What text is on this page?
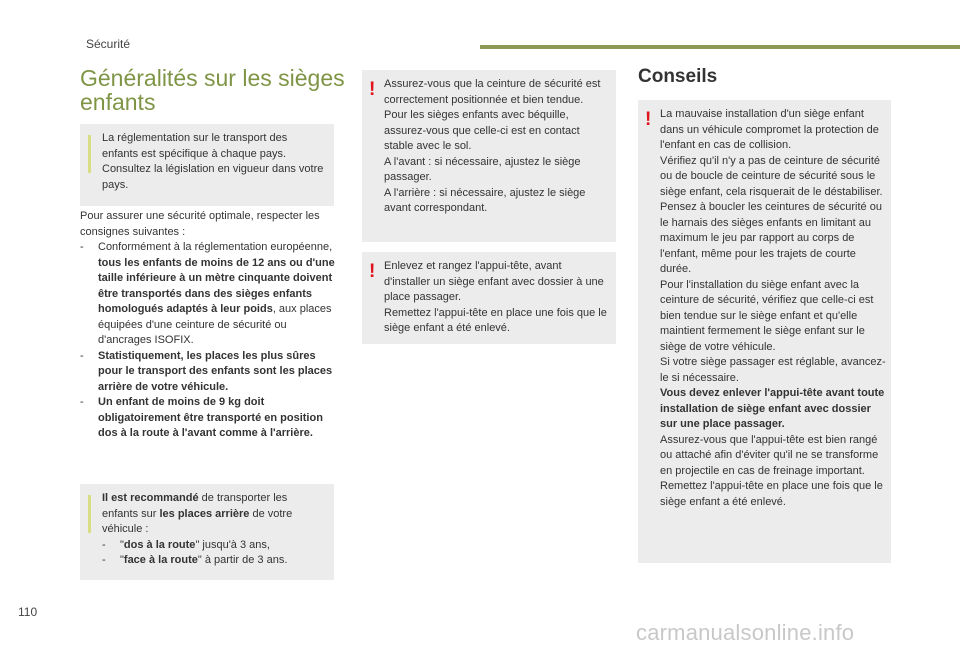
Sécurité
110
carmanualsonline.info
Généralités sur les sièges enfants
La réglementation sur le transport des enfants est spécifique à chaque pays. Consultez la législation en vigueur dans votre pays.

Pour assurer une sécurité optimale, respecter les consignes suivantes :

- Conformément à la réglementation européenne, tous les enfants de moins de 12 ans ou d'une taille inférieure à un mètre cinquante doivent être transportés dans des sièges enfants homologués adaptés à leur poids, aux places équipées d'une ceinture de sécurité ou d'ancrages ISOFIX.
- Statistiquement, les places les plus sûres pour le transport des enfants sont les places arrière de votre véhicule.
- Un enfant de moins de 9 kg doit obligatoirement être transporté en position dos à la route à l'avant comme à l'arrière.

Il est recommandé de transporter les enfants sur les places arrière de votre véhicule :

- "dos à la route" jusqu'à 3 ans,
- "face à la route" à partir de 3 ans.
! Assurez-vous que la ceinture de sécurité est correctement positionnée et bien tendue.

Pour les sièges enfants avec béquille, assurez-vous que celle-ci est en contact stable avec le sol.

A l'avant : si nécessaire, ajustez le siège passager.

A l'arrière : si nécessaire, ajustez le siège avant correspondant.

! Enlevez et rangez l'appui-tête, avant d'installer un siège enfant avec dossier à une place passager.

Remettez l'appui-tête en place une fois que le siège enfant a été enlevé.

Conseils
! La mauvaise installation d'un siège enfant dans un véhicule compromet la protection de l'enfant en cas de collision.

Vérifiez qu'il n'y a pas de ceinture de sécurité ou de boucle de ceinture de sécurité sous le siège enfant, cela risquerait de le déstabiliser.

Pensez à boucler les ceintures de sécurité ou le harnais des sièges enfants en limitant au maximum le jeu par rapport au corps de l'enfant, même pour les trajets de courte durée.

Pour l'installation du siège enfant avec la ceinture de sécurité, vérifiez que celle-ci est bien tendue sur le siège enfant et qu'elle maintient fermement le siège enfant sur le siège de votre véhicule.

Si votre siège passager est réglable, avancez-le si nécessaire.

Vous devez enlever l'appui-tête avant toute installation de siège enfant avec dossier sur une place passager.

Assurez-vous que l'appui-tête est bien rangé ou attaché afin d'éviter qu'il ne se transforme en projectile en cas de freinage important. Remettez l'appui-tête en place une fois que le siège enfant a été enlevé.
